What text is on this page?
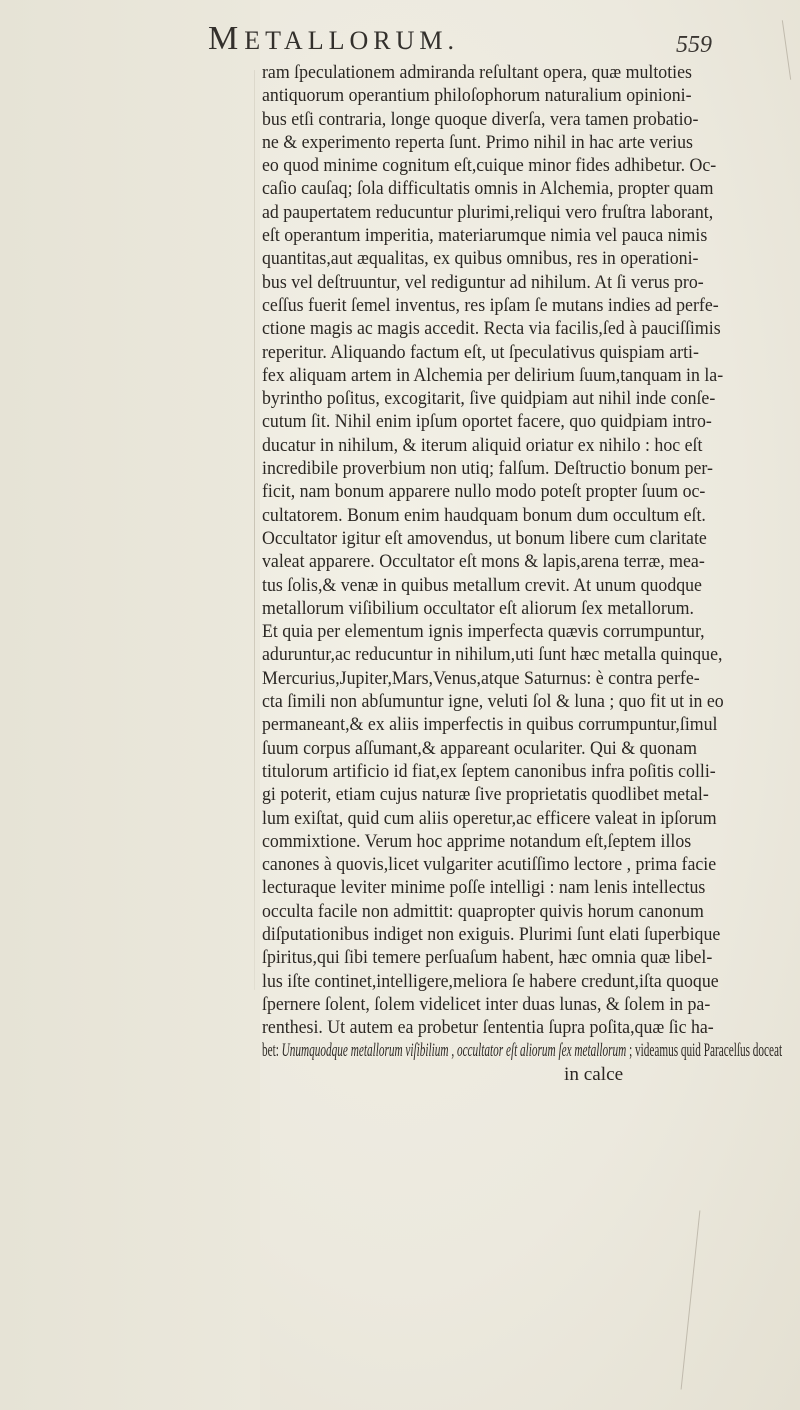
METALLORUM.	559
ram ſpeculationem admiranda reſultant opera, quæ multoties
antiquorum operantium philoſophorum naturalium opinioni-
bus etſi contraria, longe quoque diverſa, vera tamen probatio-
ne & experimento reperta ſunt. Primo nihil in hac arte verius
eo quod minime cognitum eſt,cuique minor fides adhibetur. Oc-
caſio cauſaq; ſola difficultatis omnis in Alchemia, propter quam
ad paupertatem reducuntur plurimi,reliqui vero fruſtra laborant,
eſt operantum imperitia, materiarumque nimia vel pauca nimis
quantitas,aut æqualitas, ex quibus omnibus, res in operationi-
bus vel deſtruuntur, vel rediguntur ad nihilum. At ſi verus pro-
ceſſus fuerit ſemel inventus, res ipſam ſe mutans indies ad perfe-
ctione magis ac magis accedit. Recta via facilis,ſed à pauciſſimis
reperitur. Aliquando factum eſt, ut ſpeculativus quispiam arti-
fex aliquam artem in Alchemia per delirium ſuum,tanquam in la-
byrintho poſitus, excogitarit, ſive quidpiam aut nihil inde conſe-
cutum ſit. Nihil enim ipſum oportet facere, quo quidpiam intro-
ducatur in nihilum, & iterum aliquid oriatur ex nihilo : hoc eſt
incredibile proverbium non utiq; falſum. Deſtructio bonum per-
ficit, nam bonum apparere nullo modo poteſt propter ſuum oc-
cultatorem. Bonum enim haudquam bonum dum occultum eſt.
Occultator igitur eſt amovendus, ut bonum libere cum claritate
valeat apparere. Occultator eſt mons & lapis,arena terræ, mea-
tus ſolis,& venæ in quibus metallum crevit. At unum quodque
metallorum viſibilium occultator eſt aliorum ſex metallorum.
Et quia per elementum ignis imperfecta quævis corrumpuntur,
aduruntur,ac reducuntur in nihilum,uti ſunt hæc metalla quinque,
Mercurius,Jupiter,Mars,Venus,atque Saturnus: è contra perfe-
cta ſimili non abſumuntur igne, veluti ſol & luna ; quo fit ut in eo
permaneant,& ex aliis imperfectis in quibus corrumpuntur,ſimul
ſuum corpus aſſumant,& appareant oculariter. Qui & quonam
titulorum artificio id fiat,ex ſeptem canonibus infra poſitis colli-
gi poterit, etiam cujus naturæ ſive proprietatis quodlibet metal-
lum exiſtat, quid cum aliis operetur,ac efficere valeat in ipſorum
commixtione. Verum hoc apprime notandum eſt,ſeptem illos
canones à quovis,licet vulgariter acutiſſimo lectore , prima facie
lecturaque leviter minime poſſe intelligi : nam lenis intellectus
occulta facile non admittit: quapropter quivis horum canonum
diſputationibus indiget non exiguis. Plurimi ſunt elati ſuperbique
ſpiritus,qui ſibi temere perſuaſum habent, hæc omnia quæ libel-
lus iſte continet,intelligere,meliora ſe habere credunt,iſta quoque
ſpernere ſolent, ſolem videlicet inter duas lunas, & ſolem in pa-
renthesi. Ut autem ea probetur ſententia ſupra poſita,quæ ſic ha-
bet: Unumquodque metallorum viſibilium , occultator eſt aliorum ſex metallorum ; videamus quid Paracelſus doceat
in calce
